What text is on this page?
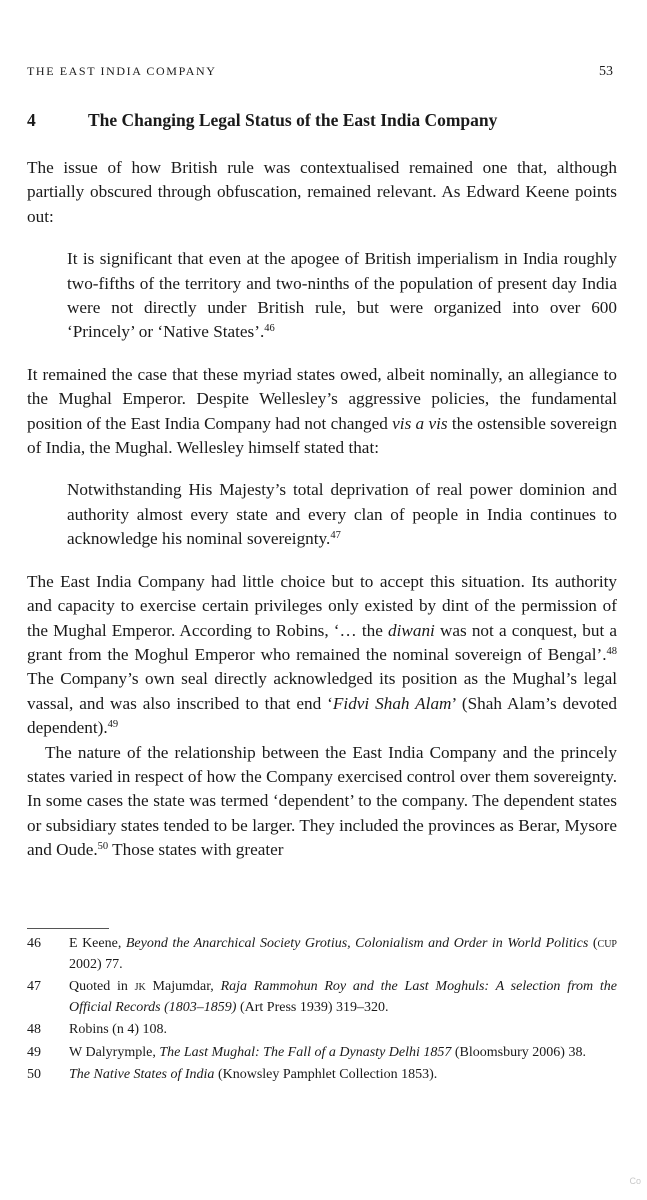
THE EAST INDIA COMPANY	53
4	The Changing Legal Status of the East India Company

The issue of how British rule was contextualised remained one that, although partially obscured through obfuscation, remained relevant. As Edward Keene points out:

It is significant that even at the apogee of British imperialism in India roughly two-fifths of the territory and two-ninths of the population of present day India were not directly under British rule, but were organized into over 600 ‘Princely’ or ‘Native States’.$^{46}$

It remained the case that these myriad states owed, albeit nominally, an allegiance to the Mughal Emperor. Despite Wellesley’s aggressive policies, the fundamental position of the East India Company had not changed vis a vis the ostensible sovereign of India, the Mughal. Wellesley himself stated that:

Notwithstanding His Majesty’s total deprivation of real power dominion and authority almost every state and every clan of people in India continues to acknowledge his nominal sovereignty.$^{47}$

The East India Company had little choice but to accept this situation. Its authority and capacity to exercise certain privileges only existed by dint of the permission of the Mughal Emperor. According to Robins, ‘… the diwani was not a conquest, but a grant from the Moghul Emperor who remained the nominal sovereign of Bengal’.$^{48}$ The Company’s own seal directly acknowledged its position as the Mughal’s legal vassal, and was also inscribed to that end ‘Fidvi Shah Alam’ (Shah Alam’s devoted dependent).$^{49}$

The nature of the relationship between the East India Company and the princely states varied in respect of how the Company exercised control over them sovereignty. In some cases the state was termed ‘dependent’ to the company. The dependent states or subsidiary states tended to be larger. They included the provinces as Berar, Mysore and Oude.$^{50}$ Those states with greater

46	E Keene, Beyond the Anarchical Society Grotius, Colonialism and Order in World Politics (cup 2002) 77.
47	Quoted in jk Majumdar, Raja Rammohun Roy and the Last Moghuls: A selection from the Official Records (1803–1859) (Art Press 1939) 319–320.
48	Robins (n 4) 108.
49	W Dalyrymple, The Last Mughal: The Fall of a Dynasty Delhi 1857 (Bloomsbury 2006) 38.
50	The Native States of India (Knowsley Pamphlet Collection 1853).
Co
